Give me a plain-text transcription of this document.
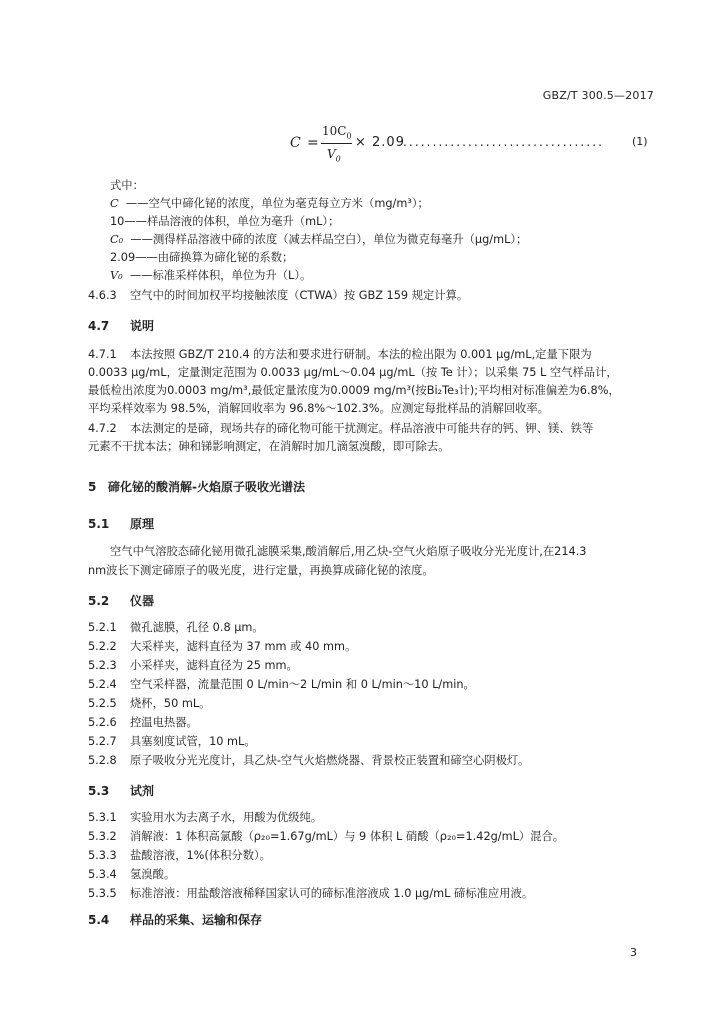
GBZ/T 300.5—2017
C =
$10C_0$
$V_0$
× 2.09
..................................	(1)
式中：
C ——空气中碲化铋的浓度，单位为毫克每立方米（mg/m³）；
10——样品溶液的体积，单位为毫升（mL）；
C₀ ——测得样品溶液中碲的浓度（减去样品空白），单位为微克每毫升（μg/mL）；
2.09——由碲换算为碲化铋的系数；
V₀ ——标准采样体积，单位为升（L）。
4.6.3 空气中的时间加权平均接触浓度（CTWA）按 GBZ 159 规定计算。
4.7 说明
4.7.1 本法按照 GBZ/T 210.4 的方法和要求进行研制。本法的检出限为 0.001 μg/mL,定量下限为
0.0033 μg/mL，定量测定范围为 0.0033 μg/mL～0.04 μg/mL（按 Te 计）；以采集 75 L 空气样品计，
最低检出浓度为0.0003 mg/m³,最低定量浓度为0.0009 mg/m³(按Bi₂Te₃计);平均相对标准偏差为6.8%，
平均采样效率为 98.5%，消解回收率为 96.8%～102.3%。应测定每批样品的消解回收率。
4.7.2 本法测定的是碲，现场共存的碲化物可能干扰测定。样品溶液中可能共存的钙、钾、镁、铁等
元素不干扰本法；砷和锑影响测定，在消解时加几滴氢溴酸，即可除去。
5 碲化铋的酸消解-火焰原子吸收光谱法
5.1 原理
空气中气溶胶态碲化铋用微孔滤膜采集,酸消解后,用乙炔-空气火焰原子吸收分光光度计,在214.3
nm波长下测定碲原子的吸光度，进行定量，再换算成碲化铋的浓度。
5.2 仪器
5.2.1 微孔滤膜，孔径 0.8 μm。
5.2.2 大采样夹，滤料直径为 37 mm 或 40 mm。
5.2.3 小采样夹，滤料直径为 25 mm。
5.2.4 空气采样器，流量范围 0 L/min～2 L/min 和 0 L/min～10 L/min。
5.2.5 烧杯，50 mL。
5.2.6 控温电热器。
5.2.7 具塞刻度试管，10 mL。
5.2.8 原子吸收分光光度计，具乙炔-空气火焰燃烧器、背景校正装置和碲空心阴极灯。
5.3 试剂
5.3.1 实验用水为去离子水，用酸为优级纯。
5.3.2 消解液：1 体积高氯酸（ρ₂₀=1.67g/mL）与 9 体积 L 硝酸（ρ₂₀=1.42g/mL）混合。
5.3.3 盐酸溶液，1%(体积分数）。
5.3.4 氢溴酸。
5.3.5 标准溶液：用盐酸溶液稀释国家认可的碲标准溶液成 1.0 μg/mL 碲标准应用液。
5.4 样品的采集、运输和保存
3
